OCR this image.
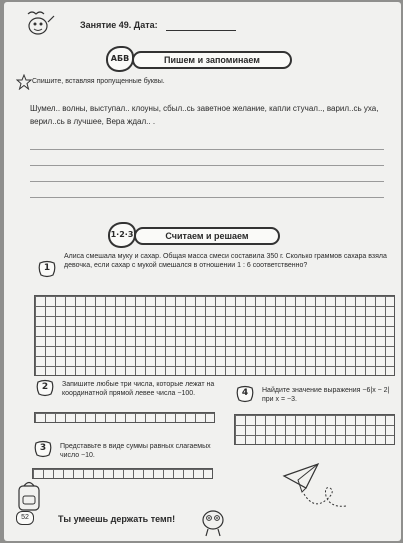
Занятие 49. Дата:
Пишем и запоминаем
АБВ
Спишите, вставляя пропущенные буквы.
Шумел.. волны, выступал.. клоуны, сбыл..сь заветное желание, капли стучал.., варил..сь уха, верил..сь в лучшее, Вера ждал.. .
Считаем и решаем
1·2·3
1
Алиса смешала муку и сахар. Общая масса смеси составила 350 г. Сколько граммов сахара взяла девочка, если сахар с мукой смешался в отношении 1 : 6 соответственно?
2	Запишите любые три числа, которые лежат на координатной прямой левее числа −100.
3	Представьте в виде суммы равных слагаемых число −10.
4	Найдите значение выражения −6|x − 2| при x = −3.
52	Ты умеешь держать темп!
